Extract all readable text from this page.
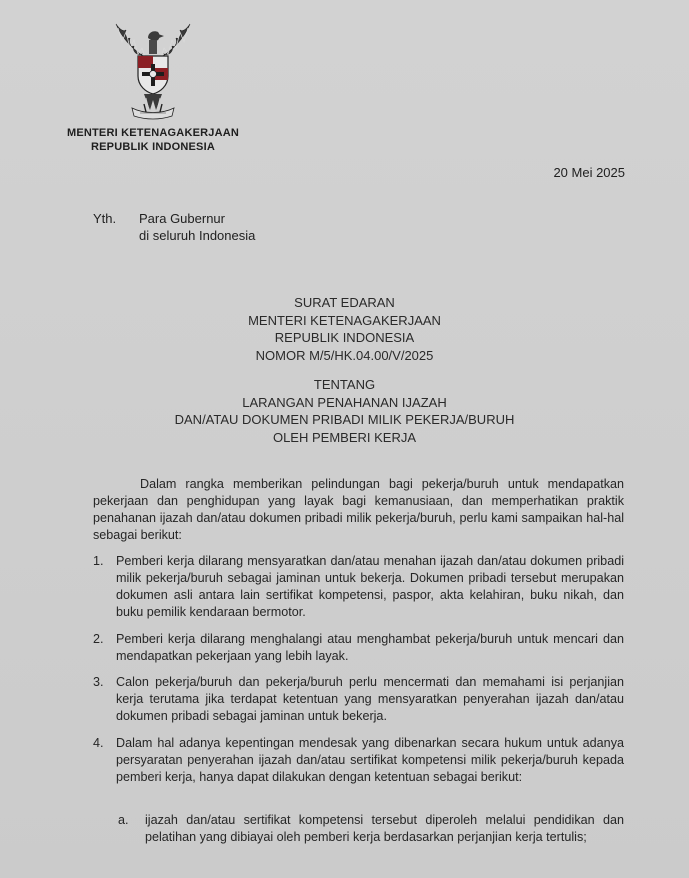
MENTERI KETENAGAKERJAAN
REPUBLIK INDONESIA
20 Mei 2025
Yth. Para Gubernur
di seluruh Indonesia
SURAT EDARAN
MENTERI KETENAGAKERJAAN
REPUBLIK INDONESIA
NOMOR M/5/HK.04.00/V/2025
TENTANG
LARANGAN PENAHANAN IJAZAH
DAN/ATAU DOKUMEN PRIBADI MILIK PEKERJA/BURUH
OLEH PEMBERI KERJA
Dalam rangka memberikan pelindungan bagi pekerja/buruh untuk mendapatkan pekerjaan dan penghidupan yang layak bagi kemanusiaan, dan memperhatikan praktik penahanan ijazah dan/atau dokumen pribadi milik pekerja/buruh, perlu kami sampaikan hal-hal sebagai berikut:
1. Pemberi kerja dilarang mensyaratkan dan/atau menahan ijazah dan/atau dokumen pribadi milik pekerja/buruh sebagai jaminan untuk bekerja. Dokumen pribadi tersebut merupakan dokumen asli antara lain sertifikat kompetensi, paspor, akta kelahiran, buku nikah, dan buku pemilik kendaraan bermotor.
2. Pemberi kerja dilarang menghalangi atau menghambat pekerja/buruh untuk mencari dan mendapatkan pekerjaan yang lebih layak.
3. Calon pekerja/buruh dan pekerja/buruh perlu mencermati dan memahami isi perjanjian kerja terutama jika terdapat ketentuan yang mensyaratkan penyerahan ijazah dan/atau dokumen pribadi sebagai jaminan untuk bekerja.
4. Dalam hal adanya kepentingan mendesak yang dibenarkan secara hukum untuk adanya persyaratan penyerahan ijazah dan/atau sertifikat kompetensi milik pekerja/buruh kepada pemberi kerja, hanya dapat dilakukan dengan ketentuan sebagai berikut:
a. ijazah dan/atau sertifikat kompetensi tersebut diperoleh melalui pendidikan dan pelatihan yang dibiayai oleh pemberi kerja berdasarkan perjanjian kerja tertulis;
